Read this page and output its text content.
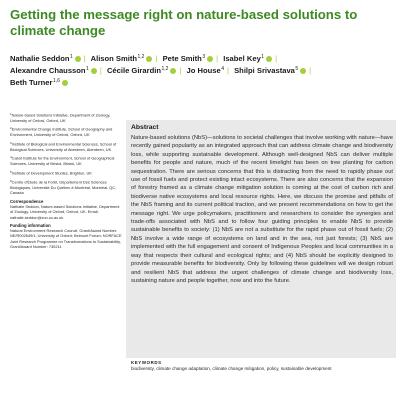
Getting the message right on nature-based solutions to climate change
Nathalie Seddon$^1$ | Alison Smith$^{1,2}$ | Pete Smith$^3$ | Isabel Key$^1$ |
Alexandre Chausson$^1$ | Cécile Girardin$^{1,2}$ | Jo House$^4$ | Shilpi Srivastava$^5$ |
Beth Turner$^{1,6}$
$^1$Nature-based Solutions Initiative, Department of Zoology, University of Oxford, Oxford, UK
$^2$Environmental Change Institute, School of Geography and Environment, University of Oxford, Oxford, UK
$^3$Institute of Biological and Environmental Sciences, School of Biological Sciences, University of Aberdeen, Aberdeen, UK
$^4$Cabot Institute for the Environment, School of Geographical Sciences, University of Bristol, Bristol, UK
$^5$Institute of Development Studies, Brighton, UK
$^6$Centre d'Étude de la Forêt, Département Des Sciences Biologiques, Université Du Québec à Montréal, Montréal, QC, Canada
Correspondence
Nathalie Seddon, Nature-based Solutions Initiative, Department of Zoology, University of Oxford, Oxford, UK. Email: nathalie.seddon@zoo.ox.ac.uk
Funding information
Natural Environment Research Council, Grant/Award Number: NE/R002649/1; University of Oxford; Belmont Forum; NORFACE Joint Research Programme on Transformations to Sustainability, Grant/Award Number: 730211
Abstract

Nature-based solutions (NbS)—solutions to societal challenges that involve working with nature—have recently gained popularity as an integrated approach that can address climate change and biodiversity loss, while supporting sustainable development. Although well-designed NbS can deliver multiple benefits for people and nature, much of the recent limelight has been on tree planting for carbon sequestration. There are serious concerns that this is distracting from the need to rapidly phase out use of fossil fuels and protect existing intact ecosystems. There are also concerns that the expansion of forestry framed as a climate change mitigation solution is coming at the cost of carbon rich and biodiverse native ecosystems and local resource rights. Here, we discuss the promise and pitfalls of the NbS framing and its current political traction, and we present recommendations on how to get the message right. We urge policymakers, practitioners and researchers to consider the synergies and trade-offs associated with NbS and to follow four guiding principles to enable NbS to provide sustainable benefits to society: (1) NbS are not a substitute for the rapid phase out of fossil fuels; (2) NbS involve a wide range of ecosystems on land and in the sea, not just forests; (3) NbS are implemented with the full engagement and consent of Indigenous Peoples and local communities in a way that respects their cultural and ecological rights; and (4) NbS should be explicitly designed to provide measurable benefits for biodiversity. Only by following these guidelines will we design robust and resilient NbS that address the urgent challenges of climate change and biodiversity loss, sustaining nature and people together, now and into the future.

KEYWORDS
biodiversity, climate change adaptation, climate change mitigation, policy, sustainable development
